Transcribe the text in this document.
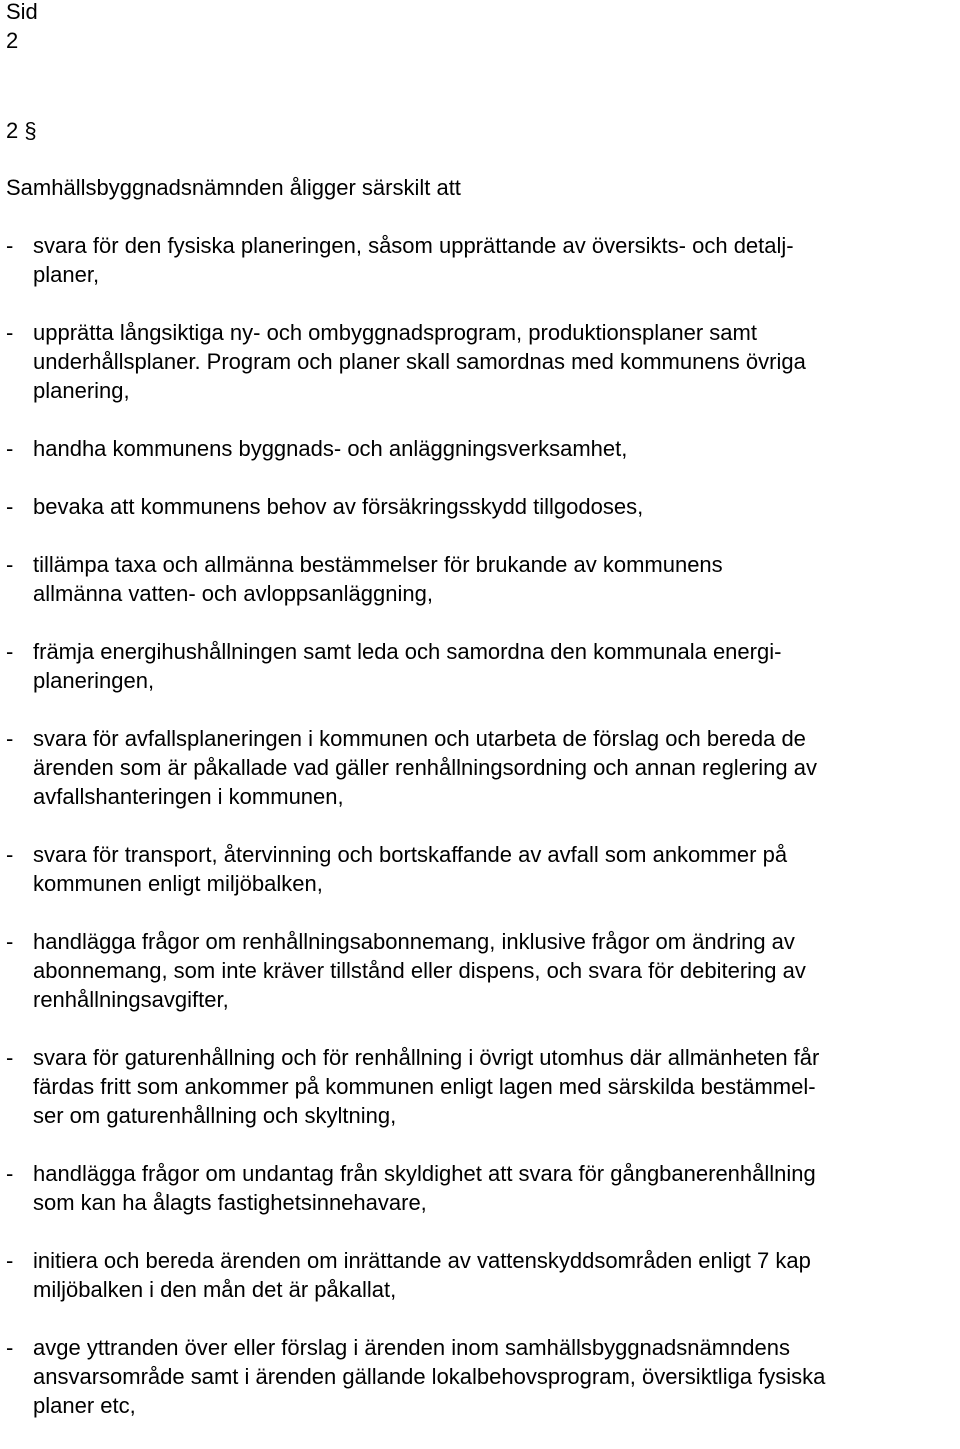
Sid
2
2 §

Samhällsbyggnadsnämnden åligger särskilt att

- svara för den fysiska planeringen, såsom upprättande av översikts- och detalj-
planer,
- upprätta långsiktiga ny- och ombyggnadsprogram, produktionsplaner samt
underhållsplaner. Program och planer skall samordnas med kommunens övriga
planering,
- handha kommunens byggnads- och anläggningsverksamhet,
- bevaka att kommunens behov av försäkringsskydd tillgodoses,
- tillämpa taxa och allmänna bestämmelser för brukande av kommunens
allmänna vatten- och avloppsanläggning,
- främja energihushållningen samt leda och samordna den kommunala energi-
planeringen,
- svara för avfallsplaneringen i kommunen och utarbeta de förslag och bereda de
ärenden som är påkallade vad gäller renhållningsordning och annan reglering av
avfallshanteringen i kommunen,
- svara för transport, återvinning och bortskaffande av avfall som ankommer på
kommunen enligt miljöbalken,
- handlägga frågor om renhållningsabonnemang, inklusive frågor om ändring av
abonnemang, som inte kräver tillstånd eller dispens, och svara för debitering av
renhållningsavgifter,
- svara för gaturenhållning och för renhållning i övrigt utomhus där allmänheten får
färdas fritt som ankommer på kommunen enligt lagen med särskilda bestämmel-
ser om gaturenhållning och skyltning,
- handlägga frågor om undantag från skyldighet att svara för gångbanerenhållning
som kan ha ålagts fastighetsinnehavare,
- initiera och bereda ärenden om inrättande av vattenskyddsområden enligt 7 kap
miljöbalken i den mån det är påkallat,
- avge yttranden över eller förslag i ärenden inom samhällsbyggnadsnämndens
ansvarsområde samt i ärenden gällande lokalbehovsprogram, översiktliga fysiska
planer etc,
